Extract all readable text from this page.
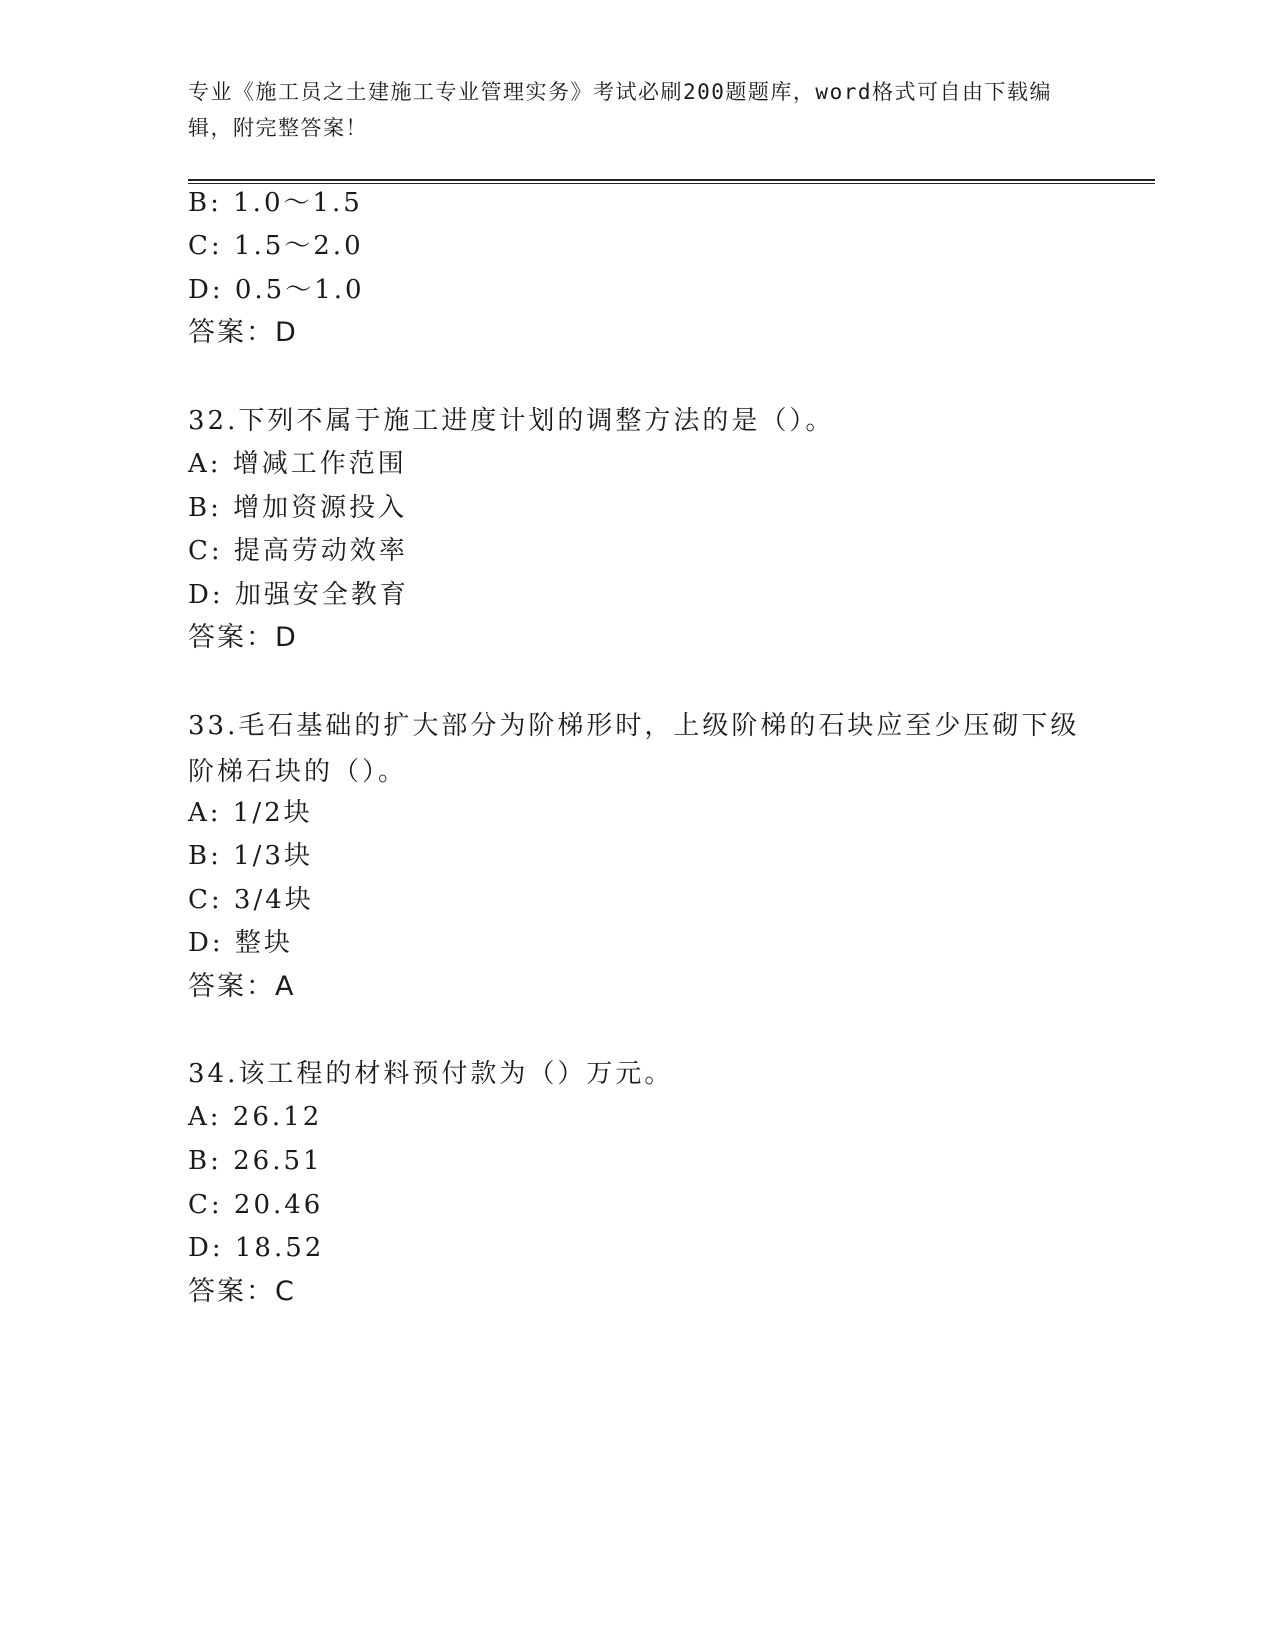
专业《施工员之土建施工专业管理实务》考试必刷200题题库，word格式可自由下载编辑，附完整答案！
B: 1.0～1.5
C: 1.5～2.0
D: 0.5～1.0
答案：D
32.下列不属于施工进度计划的调整方法的是（）。
A: 增减工作范围
B: 增加资源投入
C: 提高劳动效率
D: 加强安全教育
答案：D
33.毛石基础的扩大部分为阶梯形时，上级阶梯的石块应至少压砌下级阶梯石块的（）。
A: 1/2块
B: 1/3块
C: 3/4块
D: 整块
答案：A
34.该工程的材料预付款为（）万元。
A: 26.12
B: 26.51
C: 20.46
D: 18.52
答案：C
